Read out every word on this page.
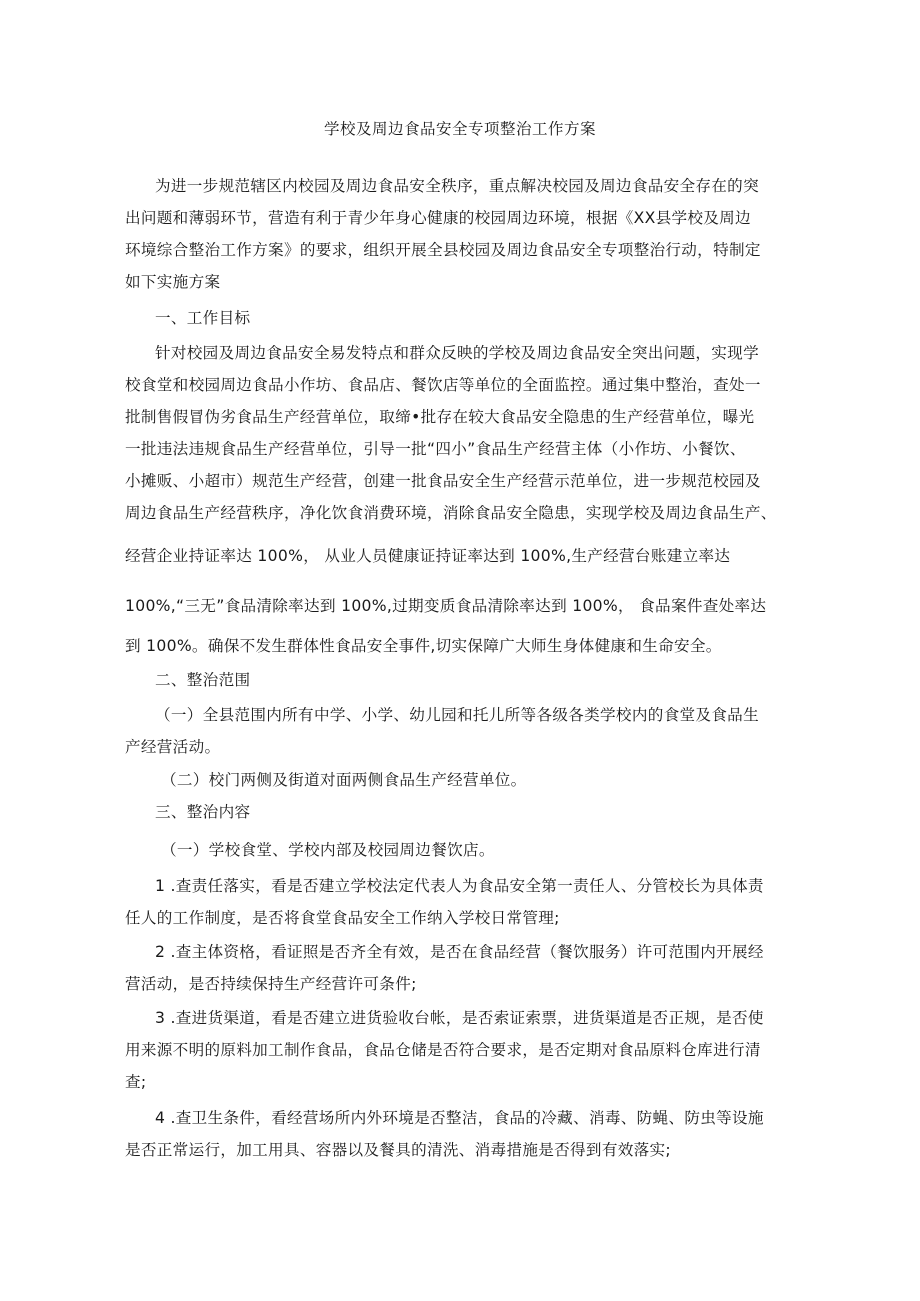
学校及周边食品安全专项整治工作方案
为进一步规范辖区内校园及周边食品安全秩序，重点解决校园及周边食品安全存在的突
出问题和薄弱环节，营造有利于青少年身心健康的校园周边环境，根据《XX县学校及周边
环境综合整治工作方案》的要求，组织开展全县校园及周边食品安全专项整治行动，特制定
如下实施方案
一、工作目标
针对校园及周边食品安全易发特点和群众反映的学校及周边食品安全突出问题，实现学
校食堂和校园周边食品小作坊、食品店、餐饮店等单位的全面监控。通过集中整治，查处一
批制售假冒伪劣食品生产经营单位，取缔•批存在较大食品安全隐患的生产经营单位，曝光
一批违法违规食品生产经营单位，引导一批“四小”食品生产经营主体（小作坊、小餐饮、
小摊贩、小超市）规范生产经营，创建一批食品安全生产经营示范单位，进一步规范校园及
周边食品生产经营秩序，净化饮食消费环境，消除食品安全隐患，实现学校及周边食品生产、
经营企业持证率达 100%， 从业人员健康证持证率达到 100%,生产经营台账建立率达
100%,“三无”食品清除率达到 100%,过期变质食品清除率达到 100%， 食品案件查处率达
到 100%。确保不发生群体性食品安全事件,切实保障广大师生身体健康和生命安全。
二、整治范围
（一）全县范围内所有中学、小学、幼儿园和托儿所等各级各类学校内的食堂及食品生
产经营活动。
（二）校门两侧及街道对面两侧食品生产经营单位。
三、整治内容
（一）学校食堂、学校内部及校园周边餐饮店。
1 .查责任落实，看是否建立学校法定代表人为食品安全第一责任人、分管校长为具体责
任人的工作制度，是否将食堂食品安全工作纳入学校日常管理;
2 .查主体资格，看证照是否齐全有效，是否在食品经营（餐饮服务）许可范围内开展经
营活动，是否持续保持生产经营许可条件;
3 .查进货渠道，看是否建立进货验收台帐，是否索证索票，进货渠道是否正规，是否使
用来源不明的原料加工制作食品，食品仓储是否符合要求，是否定期对食品原料仓库进行清
查;
4 .查卫生条件，看经营场所内外环境是否整洁，食品的冷藏、消毒、防蝇、防虫等设施
是否正常运行，加工用具、容器以及餐具的清洗、消毒措施是否得到有效落实;
